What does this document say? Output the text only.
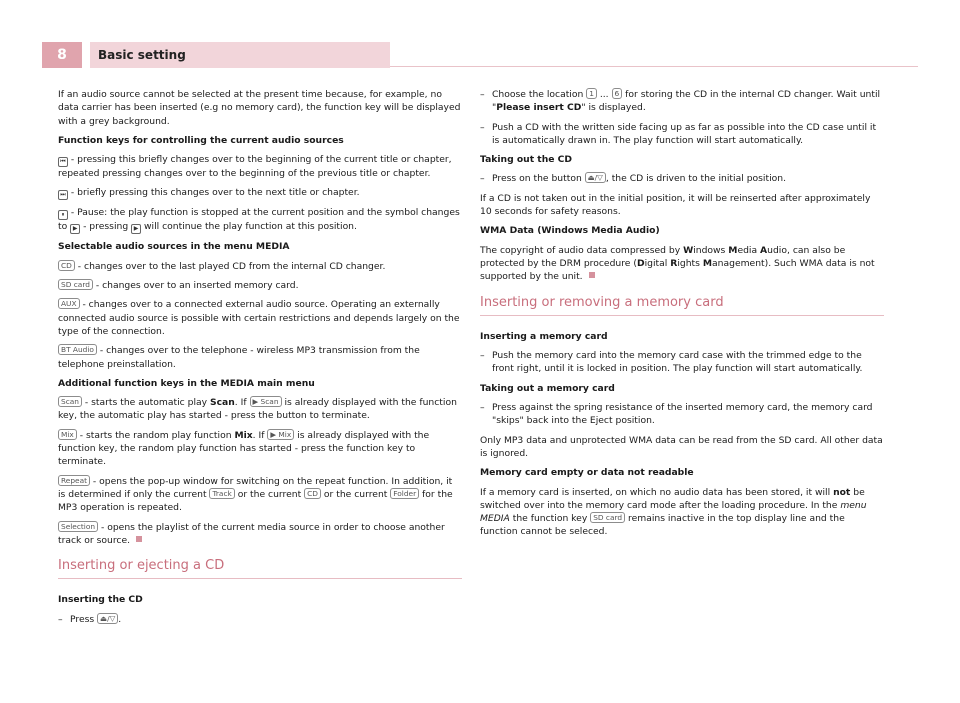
8	Basic setting

If an audio source cannot be selected at the present time because, for example, no data carrier has been inserted (e.g no memory card), the function key will be displayed with a grey background.

Function keys for controlling the current audio sources

⏮ - pressing this briefly changes over to the beginning of the current title or chapter, repeated pressing changes over to the beginning of the previous title or chapter.

⏭ - briefly pressing this changes over to the next title or chapter.

⏸ - Pause: the play function is stopped at the current position and the symbol changes to ▶ - pressing ▶ will continue the play function at this position.

Selectable audio sources in the menu MEDIA

CD - changes over to the last played CD from the internal CD changer.

SD card - changes over to an inserted memory card.

AUX - changes over to a connected external audio source. Operating an externally connected audio source is possible with certain restrictions and depends largely on the type of the connection.

BT Audio - changes over to the telephone - wireless MP3 transmission from the telephone preinstallation.

Additional function keys in the MEDIA main menu

Scan - starts the automatic play Scan. If ▶ Scan is already displayed with the function key, the automatic play has started - press the button to terminate.

Mix - starts the random play function Mix. If ▶ Mix is already displayed with the function key, the random play function has started - press the function key to terminate.

Repeat - opens the pop-up window for switching on the repeat function. In addition, it is determined if only the current Track or the current CD or the current Folder for the MP3 operation is repeated.

Selection - opens the playlist of the current media source in order to choose another track or source.

Inserting or ejecting a CD

Inserting the CD

– Press ⏏/▽ .
– Choose the location 1 ... 6 for storing the CD in the internal CD changer. Wait until "Please insert CD" is displayed.
– Push a CD with the written side facing up as far as possible into the CD case until it is automatically drawn in. The play function will start automatically.

Taking out the CD

– Press on the button ⏏/▽ , the CD is driven to the initial position.

If a CD is not taken out in the initial position, it will be reinserted after approximately 10 seconds for safety reasons.

WMA Data (Windows Media Audio)

The copyright of audio data compressed by Windows Media Audio, can also be protected by the DRM procedure (Digital Rights Management). Such WMA data is not supported by the unit.

Inserting or removing a memory card

Inserting a memory card

– Push the memory card into the memory card case with the trimmed edge to the front right, until it is locked in position. The play function will start automatically.

Taking out a memory card

– Press against the spring resistance of the inserted memory card, the memory card "skips" back into the Eject position.

Only MP3 data and unprotected WMA data can be read from the SD card. All other data is ignored.

Memory card empty or data not readable

If a memory card is inserted, on which no audio data has been stored, it will not be switched over into the memory card mode after the loading procedure. In the menu MEDIA the function key SD card remains inactive in the top display line and the function cannot be seleced.
